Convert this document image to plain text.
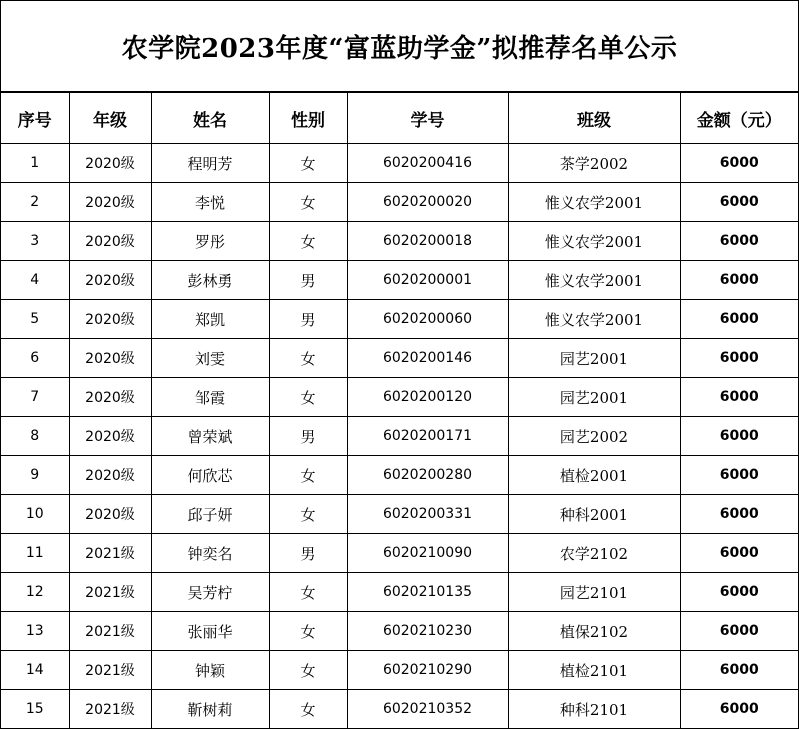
农学院2023年度“富蓝助学金”拟推荐名单公示
序号	年级	姓名	性别	学号	班级	金额（元）
1	2020级	程明芳	女	6020200416	茶学2002	6000
2	2020级	李悦	女	6020200020	惟义农学2001	6000
3	2020级	罗彤	女	6020200018	惟义农学2001	6000
4	2020级	彭林勇	男	6020200001	惟义农学2001	6000
5	2020级	郑凯	男	6020200060	惟义农学2001	6000
6	2020级	刘雯	女	6020200146	园艺2001	6000
7	2020级	邹霞	女	6020200120	园艺2001	6000
8	2020级	曾荣斌	男	6020200171	园艺2002	6000
9	2020级	何欣芯	女	6020200280	植检2001	6000
10	2020级	邱子妍	女	6020200331	种科2001	6000
11	2021级	钟奕名	男	6020210090	农学2102	6000
12	2021级	吴芳柠	女	6020210135	园艺2101	6000
13	2021级	张丽华	女	6020210230	植保2102	6000
14	2021级	钟颖	女	6020210290	植检2101	6000
15	2021级	靳树莉	女	6020210352	种科2101	6000
